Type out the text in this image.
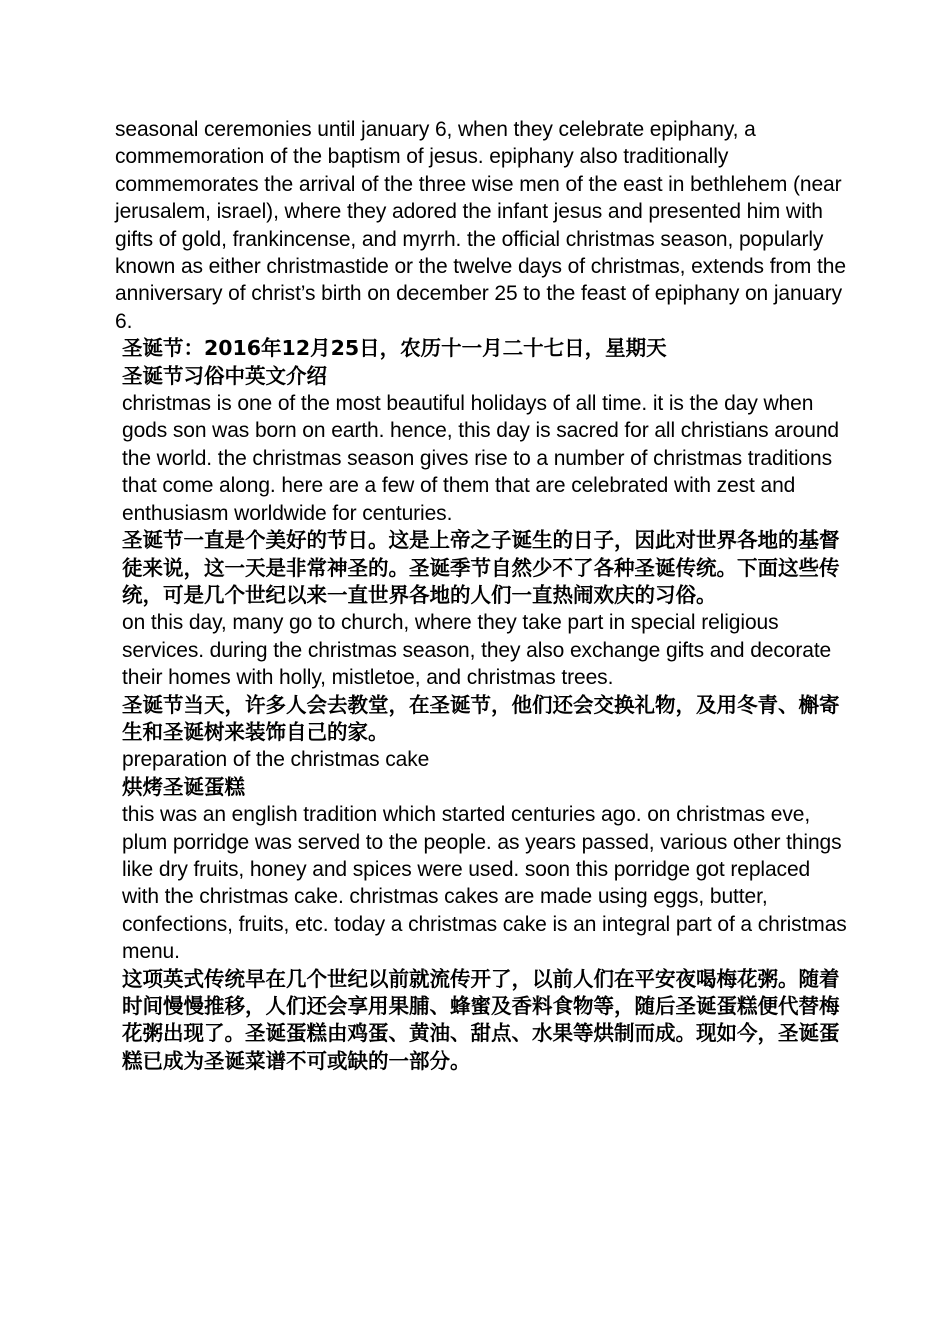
seasonal ceremonies until january 6, when they celebrate epiphany, a commemoration of the baptism of jesus. epiphany also traditionally commemorates the arrival of the three wise men of the east in bethlehem (near jerusalem, israel), where they adored the infant jesus and presented him with gifts of gold, frankincense, and myrrh. the official christmas season, popularly known as either christmastide or the twelve days of christmas, extends from the anniversary of christ’s birth on december 25 to the feast of epiphany on january 6.

圣诞节：2016年12月25日，农历十一月二十七日，星期天

圣诞节习俗中英文介绍

christmas is one of the most beautiful holidays of all time. it is the day when gods son was born on earth. hence, this day is sacred for all christians around the world. the christmas season gives rise to a number of christmas traditions that come along. here are a few of them that are celebrated with zest and enthusiasm worldwide for centuries.

圣诞节一直是个美好的节日。这是上帝之子诞生的日子，因此对世界各地的基督徒来说，这一天是非常神圣的。圣诞季节自然少不了各种圣诞传统。下面这些传统，可是几个世纪以来一直世界各地的人们一直热闹欢庆的习俗。

on this day, many go to church, where they take part in special religious services. during the christmas season, they also exchange gifts and decorate their homes with holly, mistletoe, and christmas trees.

圣诞节当天，许多人会去教堂，在圣诞节，他们还会交换礼物，及用冬青、槲寄生和圣诞树来装饰自己的家。

preparation of the christmas cake

烘烤圣诞蛋糕

this was an english tradition which started centuries ago. on christmas eve, plum porridge was served to the people. as years passed, various other things like dry fruits, honey and spices were used. soon this porridge got replaced with the christmas cake. christmas cakes are made using eggs, butter, confections, fruits, etc. today a christmas cake is an integral part of a christmas menu.

这项英式传统早在几个世纪以前就流传开了，以前人们在平安夜喝梅花粥。随着时间慢慢推移，人们还会享用果脯、蜂蜜及香料食物等，随后圣诞蛋糕便代替梅花粥出现了。圣诞蛋糕由鸡蛋、黄油、甜点、水果等烘制而成。现如今，圣诞蛋糕已成为圣诞菜谱不可或缺的一部分。
